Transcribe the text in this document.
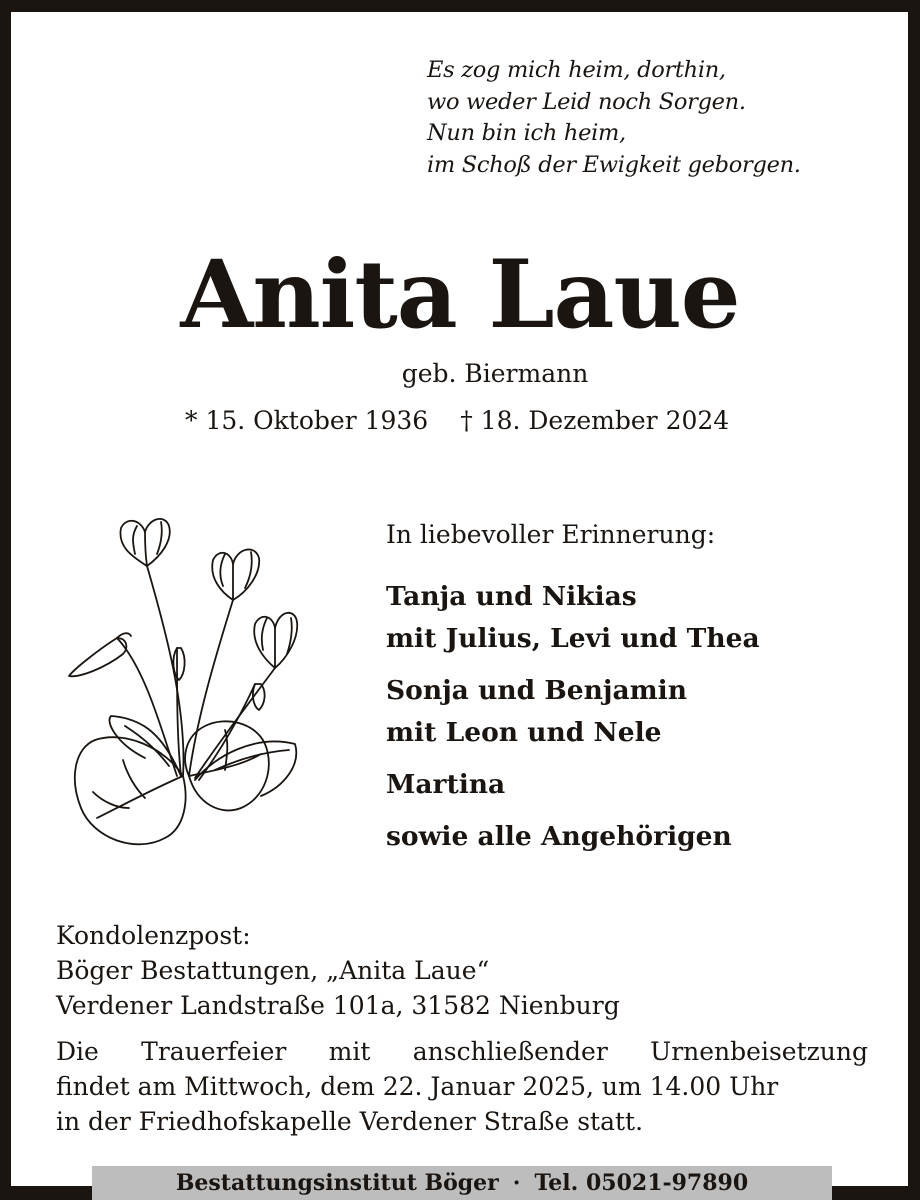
Es zog mich heim, dorthin,
wo weder Leid noch Sorgen.
Nun bin ich heim,
im Schoß der Ewigkeit geborgen.
Anita Laue
geb. Biermann
* 15. Oktober 1936 † 18. Dezember 2024
In liebevoller Erinnerung:
Tanja und Nikias
mit Julius, Levi und Thea
Sonja und Benjamin
mit Leon und Nele
Martina
sowie alle Angehörigen
Kondolenzpost:
Böger Bestattungen, „Anita Laue“
Verdener Landstraße 101a, 31582 Nienburg
Die Trauerfeier mit anschließender Urnenbeisetzung
findet am Mittwoch, dem 22. Januar 2025, um 14.00 Uhr
in der Friedhofskapelle Verdener Straße statt.
Bestattungsinstitut Böger · Tel. 05021-97890
